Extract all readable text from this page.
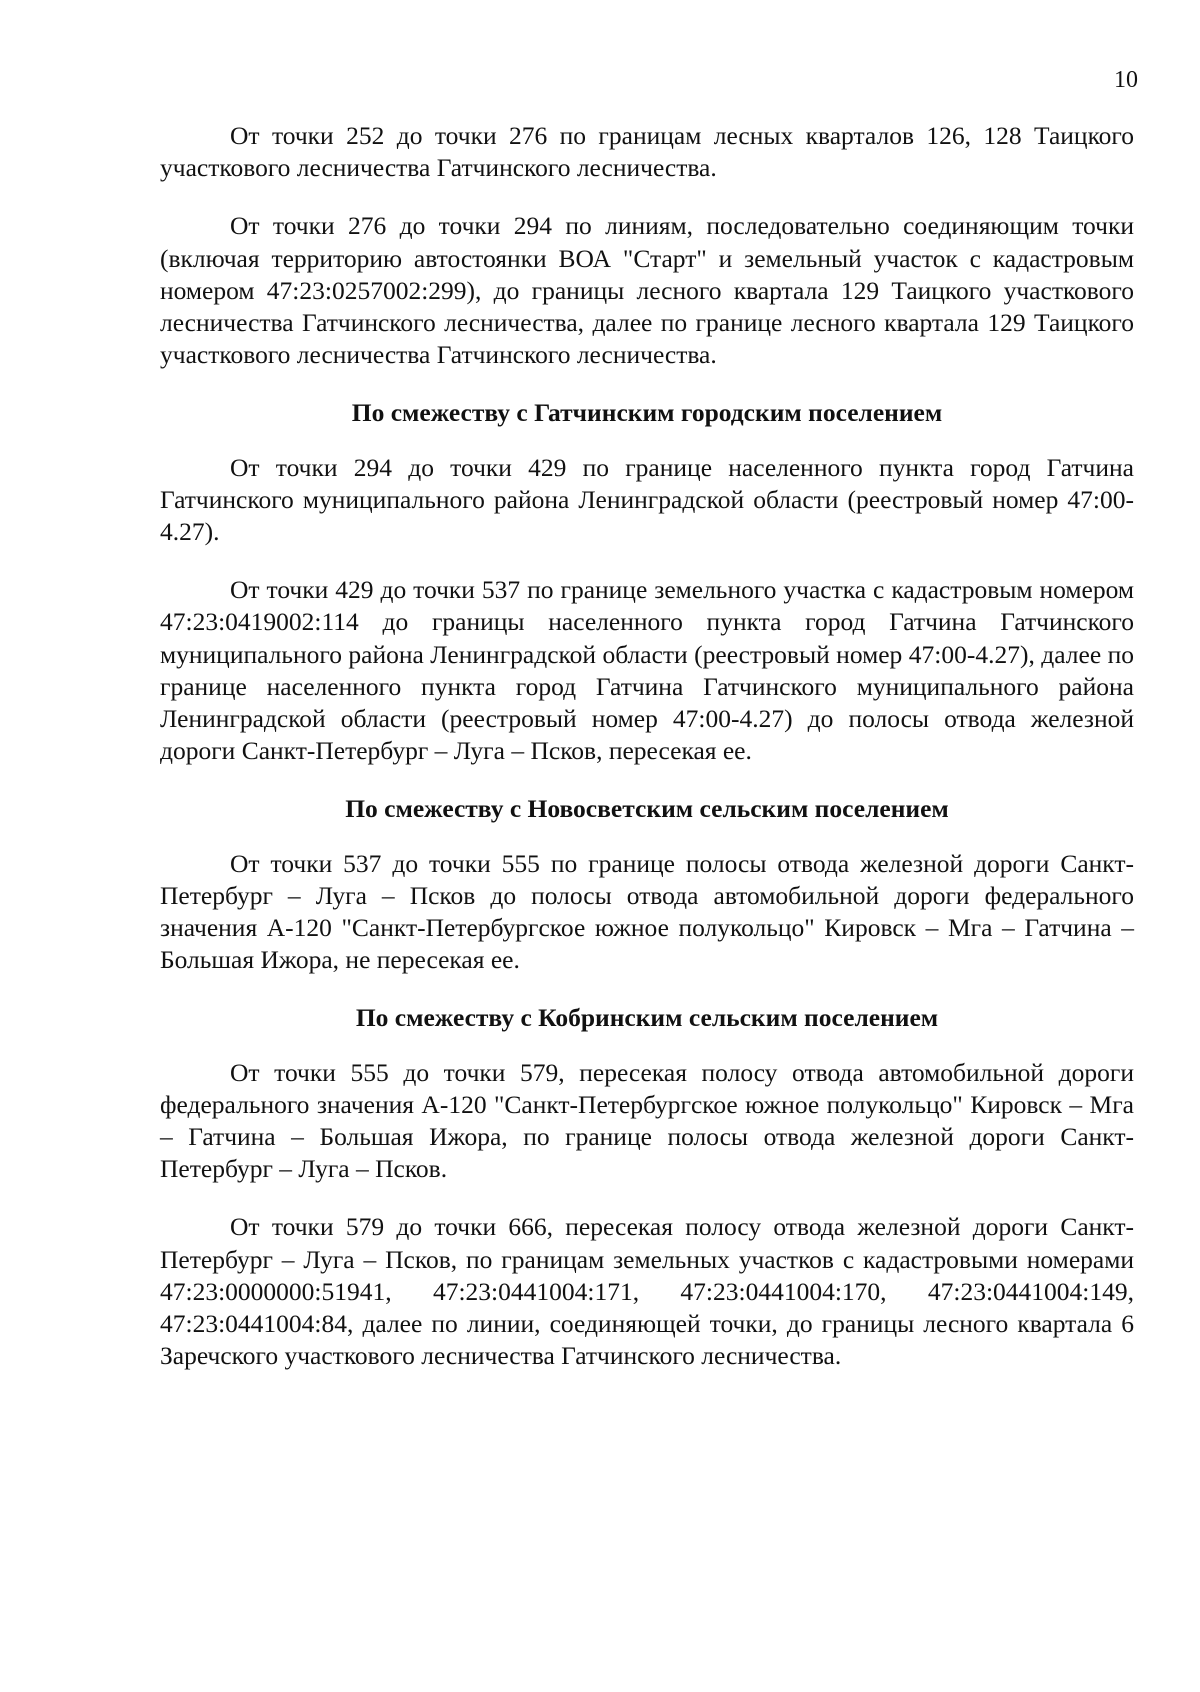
10

От точки 252 до точки 276 по границам лесных кварталов 126, 128 Таицкого участкового лесничества Гатчинского лесничества.

От точки 276 до точки 294 по линиям, последовательно соединяющим точки (включая территорию автостоянки ВОА "Старт" и земельный участок с кадастровым номером 47:23:0257002:299), до границы лесного квартала 129 Таицкого участкового лесничества Гатчинского лесничества, далее по границе лесного квартала 129 Таицкого участкового лесничества Гатчинского лесничества.

По смежеству с Гатчинским городским поселением

От точки 294 до точки 429 по границе населенного пункта город Гатчина Гатчинского муниципального района Ленинградской области (реестровый номер 47:00-4.27).

От точки 429 до точки 537 по границе земельного участка с кадастровым номером 47:23:0419002:114 до границы населенного пункта город Гатчина Гатчинского муниципального района Ленинградской области (реестровый номер 47:00-4.27), далее по границе населенного пункта город Гатчина Гатчинского муниципального района Ленинградской области (реестровый номер 47:00-4.27) до полосы отвода железной дороги Санкт-Петербург – Луга – Псков, пересекая ее.

По смежеству с Новосветским сельским поселением

От точки 537 до точки 555 по границе полосы отвода железной дороги Санкт-Петербург – Луга – Псков до полосы отвода автомобильной дороги федерального значения А-120 "Санкт-Петербургское южное полукольцо" Кировск – Мга – Гатчина – Большая Ижора, не пересекая ее.

По смежеству с Кобринским сельским поселением

От точки 555 до точки 579, пересекая полосу отвода автомобильной дороги федерального значения А-120 "Санкт-Петербургское южное полукольцо" Кировск – Мга – Гатчина – Большая Ижора, по границе полосы отвода железной дороги Санкт-Петербург – Луга – Псков.

От точки 579 до точки 666, пересекая полосу отвода железной дороги Санкт-Петербург – Луга – Псков, по границам земельных участков с кадастровыми номерами 47:23:0000000:51941, 47:23:0441004:171, 47:23:0441004:170, 47:23:0441004:149, 47:23:0441004:84, далее по линии, соединяющей точки, до границы лесного квартала 6 Заречского участкового лесничества Гатчинского лесничества.
